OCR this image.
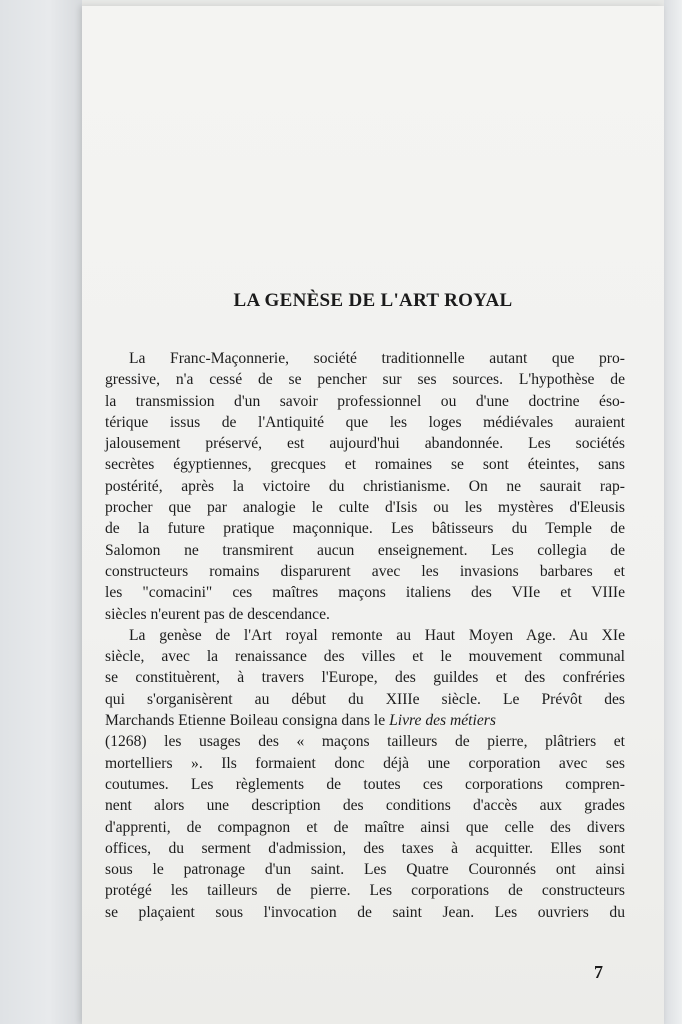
LA GENÈSE DE L'ART ROYAL
La Franc-Maçonnerie, société traditionnelle autant que pro-
gressive, n'a cessé de se pencher sur ses sources. L'hypothèse de
la transmission d'un savoir professionnel ou d'une doctrine éso-
térique issus de l'Antiquité que les loges médiévales auraient
jalousement préservé, est aujourd'hui abandonnée. Les sociétés
secrètes égyptiennes, grecques et romaines se sont éteintes, sans
postérité, après la victoire du christianisme. On ne saurait rap-
procher que par analogie le culte d'Isis ou les mystères d'Eleusis
de la future pratique maçonnique. Les bâtisseurs du Temple de
Salomon ne transmirent aucun enseignement. Les collegia de
constructeurs romains disparurent avec les invasions barbares et
les "comacini" ces maîtres maçons italiens des VIIe et VIIIe
siècles n'eurent pas de descendance.
La genèse de l'Art royal remonte au Haut Moyen Age. Au XIe
siècle, avec la renaissance des villes et le mouvement communal
se constituèrent, à travers l'Europe, des guildes et des confréries
qui s'organisèrent au début du XIIIe siècle. Le Prévôt des
Marchands Etienne Boileau consigna dans le Livre des métiers
(1268) les usages des « maçons tailleurs de pierre, plâtriers et
mortelliers ». Ils formaient donc déjà une corporation avec ses
coutumes. Les règlements de toutes ces corporations compren-
nent alors une description des conditions d'accès aux grades
d'apprenti, de compagnon et de maître ainsi que celle des divers
offices, du serment d'admission, des taxes à acquitter. Elles sont
sous le patronage d'un saint. Les Quatre Couronnés ont ainsi
protégé les tailleurs de pierre. Les corporations de constructeurs
se plaçaient sous l'invocation de saint Jean. Les ouvriers du
7
